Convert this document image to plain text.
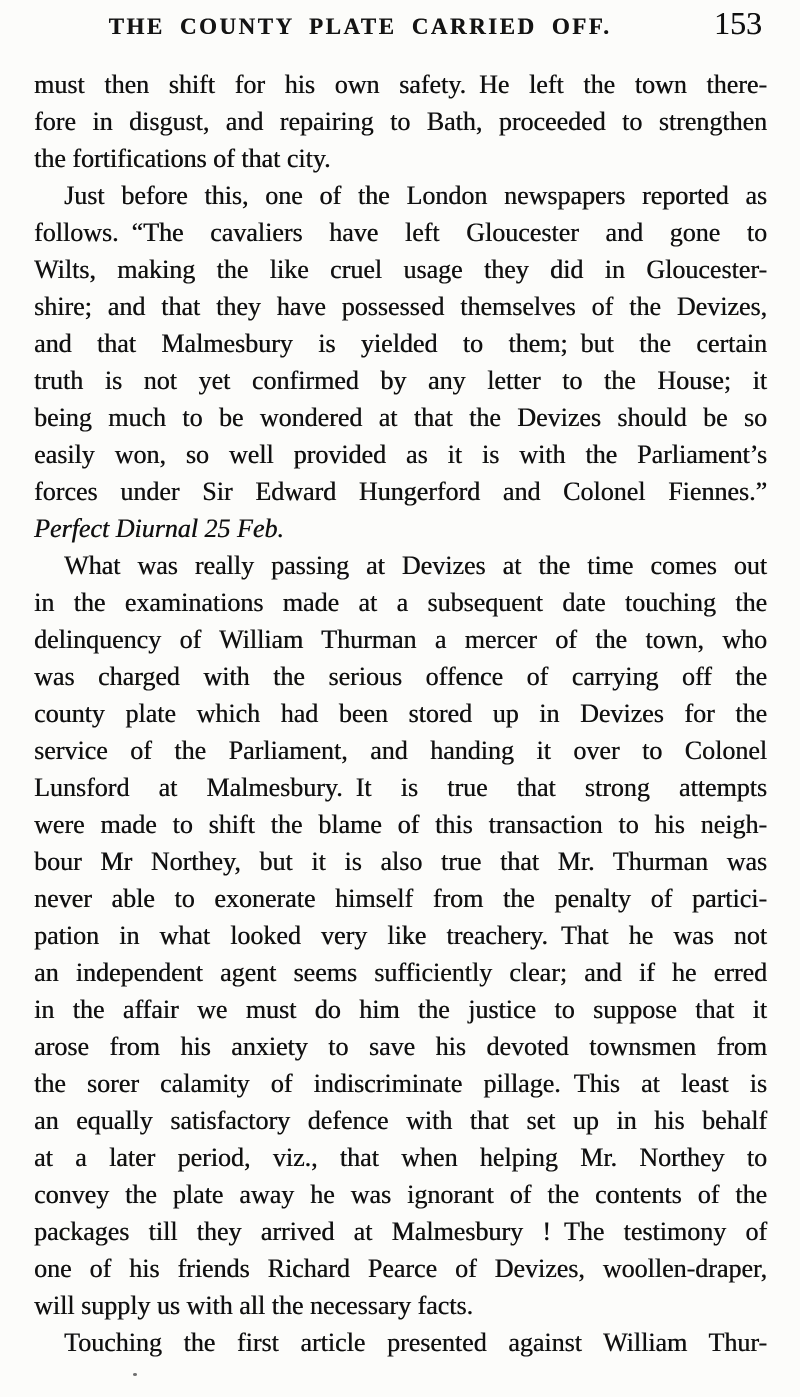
THE COUNTY PLATE CARRIED OFF.	153
must then shift for his own safety. He left the town there-
fore in disgust, and repairing to Bath, proceeded to strengthen
the fortifications of that city.
Just before this, one of the London newspapers reported as
follows. “The cavaliers have left Gloucester and gone to
Wilts, making the like cruel usage they did in Gloucester-
shire; and that they have possessed themselves of the Devizes,
and that Malmesbury is yielded to them; but the certain
truth is not yet confirmed by any letter to the House; it
being much to be wondered at that the Devizes should be so
easily won, so well provided as it is with the Parliament’s
forces under Sir Edward Hungerford and Colonel Fiennes.”
Perfect Diurnal 25 Feb.
What was really passing at Devizes at the time comes out
in the examinations made at a subsequent date touching the
delinquency of William Thurman a mercer of the town, who
was charged with the serious offence of carrying off the
county plate which had been stored up in Devizes for the
service of the Parliament, and handing it over to Colonel
Lunsford at Malmesbury. It is true that strong attempts
were made to shift the blame of this transaction to his neigh-
bour Mr Northey, but it is also true that Mr. Thurman was
never able to exonerate himself from the penalty of partici-
pation in what looked very like treachery. That he was not
an independent agent seems sufficiently clear; and if he erred
in the affair we must do him the justice to suppose that it
arose from his anxiety to save his devoted townsmen from
the sorer calamity of indiscriminate pillage. This at least is
an equally satisfactory defence with that set up in his behalf
at a later period, viz., that when helping Mr. Northey to
convey the plate away he was ignorant of the contents of the
packages till they arrived at Malmesbury ! The testimony of
one of his friends Richard Pearce of Devizes, woollen-draper,
will supply us with all the necessary facts.
Touching the first article presented against William Thur-
